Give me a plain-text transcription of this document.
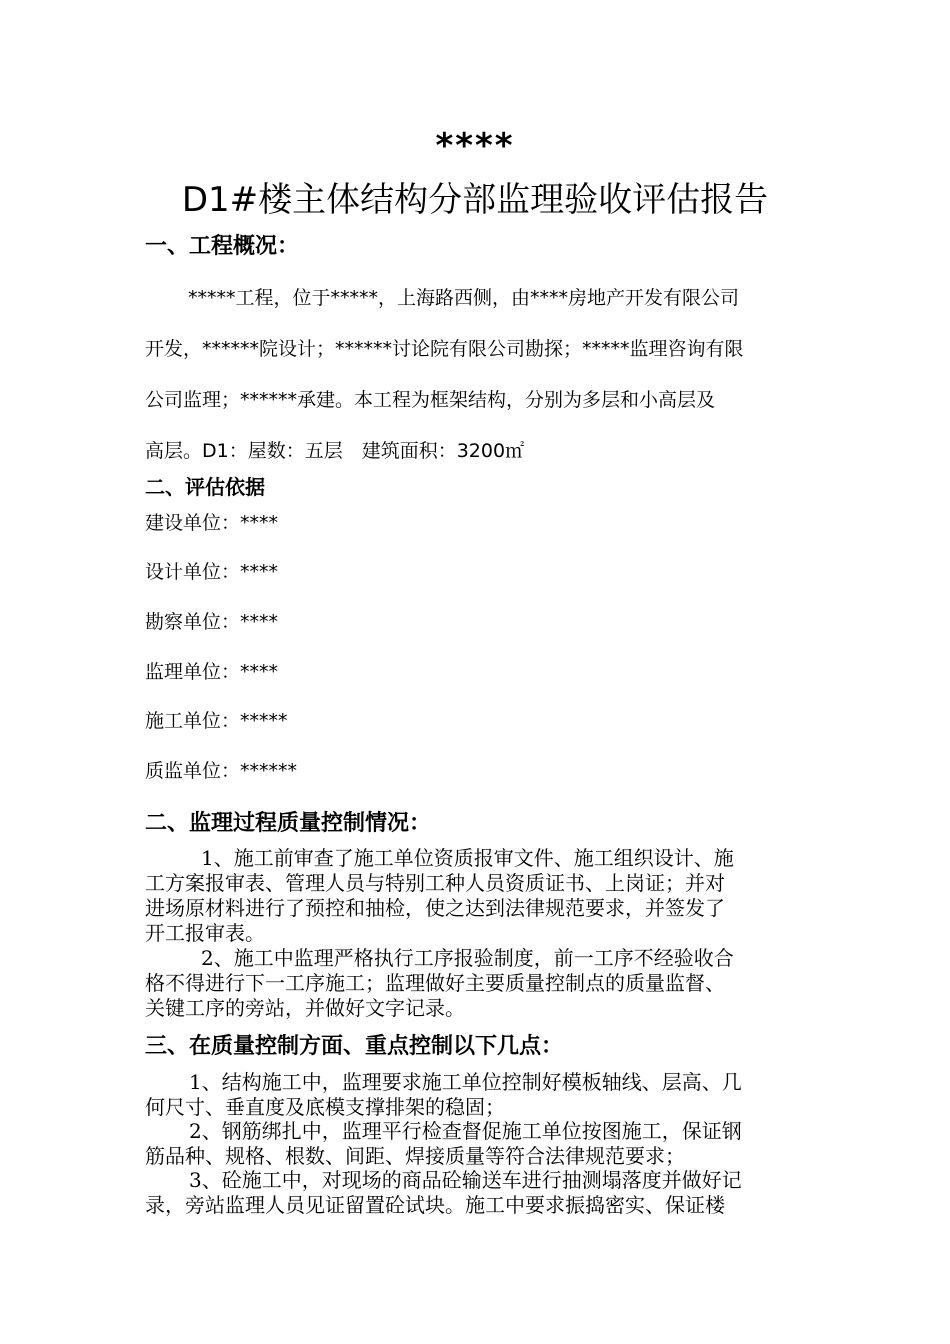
****
D1#楼主体结构分部监理验收评估报告
一、工程概况：
*****工程，位于*****，上海路西侧，由****房地产开发有限公司
开发，******院设计；******讨论院有限公司勘探；*****监理咨询有限
公司监理；******承建。本工程为框架结构，分别为多层和小高层及
高层。D1：屋数：五层　建筑面积：3200㎡
二、评估依据
建设单位：****
设计单位：****
勘察单位：****
监理单位：****
施工单位：*****
质监单位：******
二、监理过程质量控制情况：
　　1、施工前审查了施工单位资质报审文件、施工组织设计、施
工方案报审表、管理人员与特别工种人员资质证书、上岗证；并对
进场原材料进行了预控和抽检，使之达到法律规范要求，并签发了
开工报审表。
　　2、施工中监理严格执行工序报验制度，前一工序不经验收合
格不得进行下一工序施工；监理做好主要质量控制点的质量监督、
关键工序的旁站，并做好文字记录。
三、在质量控制方面、重点控制以下几点：
　　1、结构施工中，监理要求施工单位控制好模板轴线、层高、几
何尺寸、垂直度及底模支撑排架的稳固；
　　2、钢筋绑扎中，监理平行检查督促施工单位按图施工，保证钢
筋品种、规格、根数、间距、焊接质量等符合法律规范要求；
　　3、砼施工中，对现场的商品砼输送车进行抽测塌落度并做好记
录，旁站监理人员见证留置砼试块。施工中要求振捣密实、保证楼
